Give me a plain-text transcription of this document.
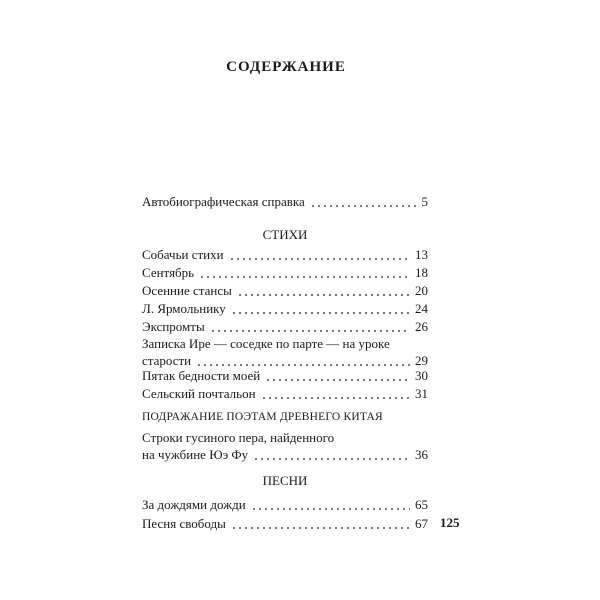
СОДЕРЖАНИЕ
Автобиографическая справка	5
СТИХИ
Собачьи стихи	13
Сентябрь	18
Осенние стансы	20
Л. Ярмольнику	24
Экспромты	26
Записка Ире — соседке по парте — на уроке
старости	29
Пятак бедности моей	30
Сельский почтальон	31
ПОДРАЖАНИЕ ПОЭТАМ ДРЕВНЕГО КИТАЯ
Строки гусиного пера, найденного
на чужбине Юэ Фу	36
ПЕСНИ
За дождями дожди	65
Песня свободы	67 125
